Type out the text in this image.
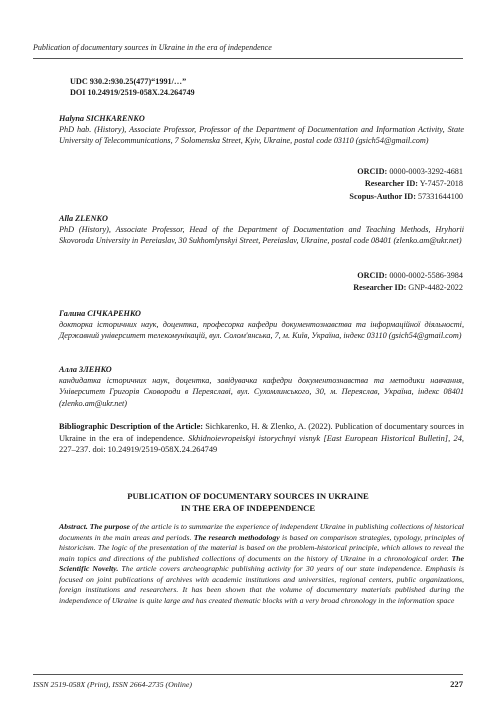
Publication of documentary sources in Ukraine in the era of independence
UDC 930.2:930.25(477)“1991/…”
DOI 10.24919/2519-058X.24.264749
Halyna SICHKARENKO
PhD hab. (History), Associate Professor, Professor of the Department of Documentation and Information Activity, State University of Telecommunications, 7 Solomenska Street, Kyiv, Ukraine, postal code 03110 (gsich54@gmail.com)
ORCID: 0000-0003-3292-4681
Researcher ID: Y-7457-2018
Scopus-Author ID: 57331644100
Alla ZLENKO
PhD (History), Associate Professor, Head of the Department of Documentation and Teaching Methods, Hryhorii Skovoroda University in Pereiaslav, 30 Sukhomlynskyi Street, Pereiaslav, Ukraine, postal code 08401 (zlenko.am@ukr.net)
ORCID: 0000-0002-5586-3984
Researcher ID: GNP-4482-2022
Галина СІЧКАРЕНКО
докторка історичних наук, доцентка, професорка кафедри документознавства та інформаційної діяльності, Державний університет телекомунікацій, вул. Солом'янська, 7, м. Київ, Україна, індекс 03110 (gsich54@gmail.com)
Алла ЗЛЕНКО
кандидатка історичних наук, доцентка, завідувачка кафедри документознавства та методики навчання, Університет Григорія Сковороди в Переяславі, вул. Сухомлинського, 30, м. Переяслав, Україна, індекс 08401 (zlenko.am@ukr.net)
Bibliographic Description of the Article: Sichkarenko, H. & Zlenko, A. (2022). Publication of documentary sources in Ukraine in the era of independence. Skhidnoievropeiskyi istorychnyi visnyk [East European Historical Bulletin], 24, 227–237. doi: 10.24919/2519-058X.24.264749
PUBLICATION OF DOCUMENTARY SOURCES IN UKRAINE
IN THE ERA OF INDEPENDENCE
Abstract. The purpose of the article is to summarize the experience of independent Ukraine in publishing collections of historical documents in the main areas and periods. The research methodology is based on comparison strategies, typology, principles of historicism. The logic of the presentation of the material is based on the problem-historical principle, which allows to reveal the main topics and directions of the published collections of documents on the history of Ukraine in a chronological order. The Scientific Novelty. The article covers archeographic publishing activity for 30 years of our state independence. Emphasis is focused on joint publications of archives with academic institutions and universities, regional centers, public organizations, foreign institutions and researchers. It has been shown that the volume of documentary materials published during the independence of Ukraine is quite large and has created thematic blocks with a very broad chronology in the information space
ISSN 2519-058X (Print), ISSN 2664-2735 (Online)	227
